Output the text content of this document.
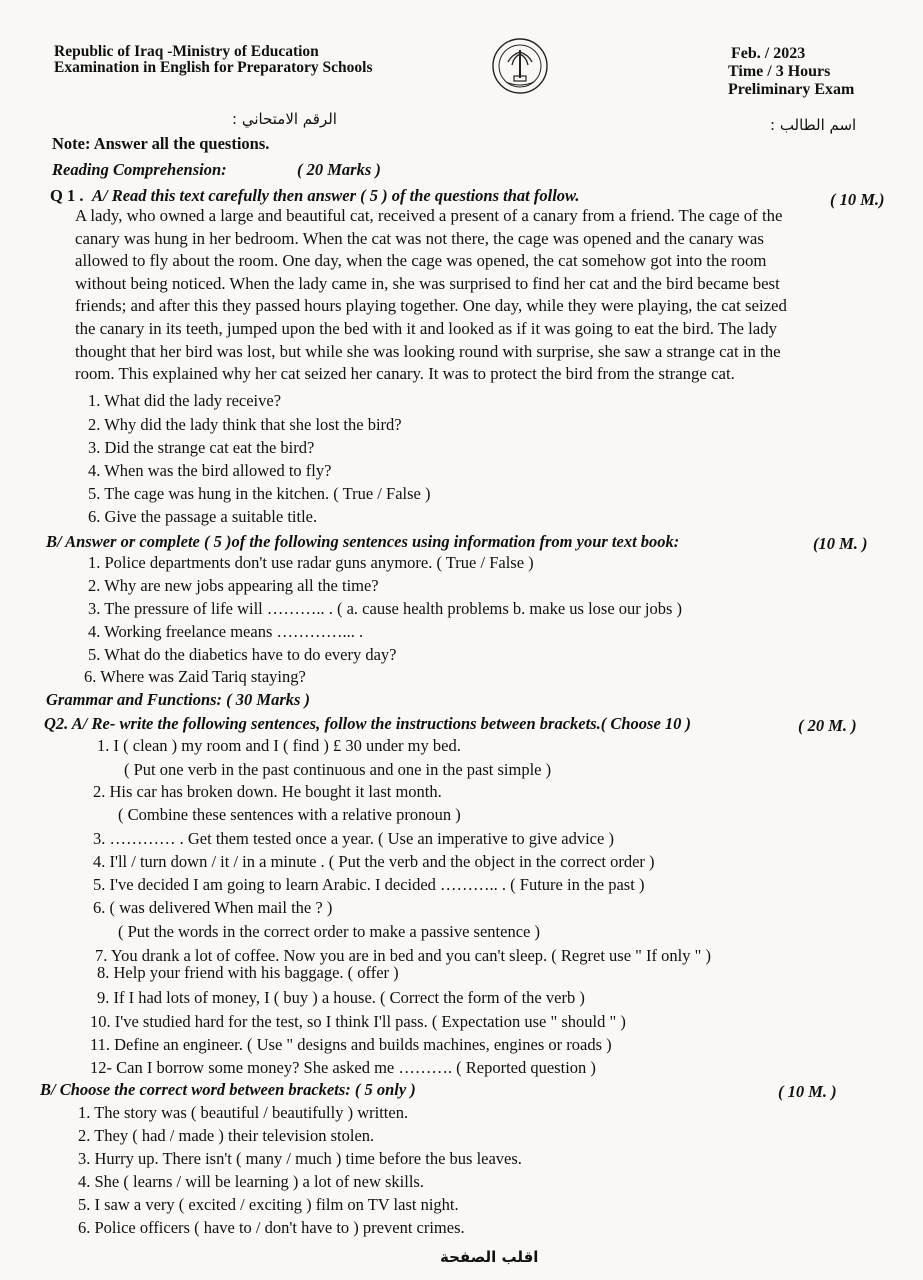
Republic of Iraq -Ministry of Education
Examination in English for Preparatory Schools
Feb. / 2023
Time / 3 Hours
Preliminary Exam
الرقم الامتحاني :	اسم الطالب :
Note: Answer all the questions.
Reading Comprehension:	( 20 Marks )
Q 1 . A/ Read this text carefully then answer ( 5 ) of the questions that follow.	( 10 M.)
A lady, who owned a large and beautiful cat, received a present of a canary from a friend. The cage of the
canary was hung in her bedroom. When the cat was not there, the cage was opened and the canary was
allowed to fly about the room. One day, when the cage was opened, the cat somehow got into the room
without being noticed. When the lady came in, she was surprised to find her cat and the bird became best
friends; and after this they passed hours playing together. One day, while they were playing, the cat seized
the canary in its teeth, jumped upon the bed with it and looked as if it was going to eat the bird. The lady
thought that her bird was lost, but while she was looking round with surprise, she saw a strange cat in the
room. This explained why her cat seized her canary. It was to protect the bird from the strange cat.
1. What did the lady receive?
2. Why did the lady think that she lost the bird?
3. Did the strange cat eat the bird?
4. When was the bird allowed to fly?
5. The cage was hung in the kitchen. ( True / False )
6. Give the passage a suitable title.
B/ Answer or complete ( 5 )of the following sentences using information from your text book:	(10 M. )
1. Police departments don't use radar guns anymore. ( True / False )
2. Why are new jobs appearing all the time?
3. The pressure of life will ……….. . ( a. cause health problems b. make us lose our jobs )
4. Working freelance means …………... .
5. What do the diabetics have to do every day?
6. Where was Zaid Tariq staying?
Grammar and Functions: ( 30 Marks )
Q2. A/ Re- write the following sentences, follow the instructions between brackets.( Choose 10 )	( 20 M. )
1. I ( clean ) my room and I ( find ) £ 30 under my bed.
( Put one verb in the past continuous and one in the past simple )
2. His car has broken down. He bought it last month.
( Combine these sentences with a relative pronoun )
3. ………… . Get them tested once a year. ( Use an imperative to give advice )
4. I'll / turn down / it / in a minute . ( Put the verb and the object in the correct order )
5. I've decided I am going to learn Arabic. I decided ……….. . ( Future in the past )
6. ( was delivered When mail the ? )
( Put the words in the correct order to make a passive sentence )
7. You drank a lot of coffee. Now you are in bed and you can't sleep. ( Regret use " If only " )
8. Help your friend with his baggage. ( offer )
9. If I had lots of money, I ( buy ) a house. ( Correct the form of the verb )
10. I've studied hard for the test, so I think I'll pass. ( Expectation use " should " )
11. Define an engineer. ( Use " designs and builds machines, engines or roads )
12- Can I borrow some money? She asked me ………. ( Reported question )
B/ Choose the correct word between brackets: ( 5 only )	( 10 M. )
1. The story was ( beautiful / beautifully ) written.
2. They ( had / made ) their television stolen.
3. Hurry up. There isn't ( many / much ) time before the bus leaves.
4. She ( learns / will be learning ) a lot of new skills.
5. I saw a very ( excited / exciting ) film on TV last night.
6. Police officers ( have to / don't have to ) prevent crimes.
اقلب الصفحة
